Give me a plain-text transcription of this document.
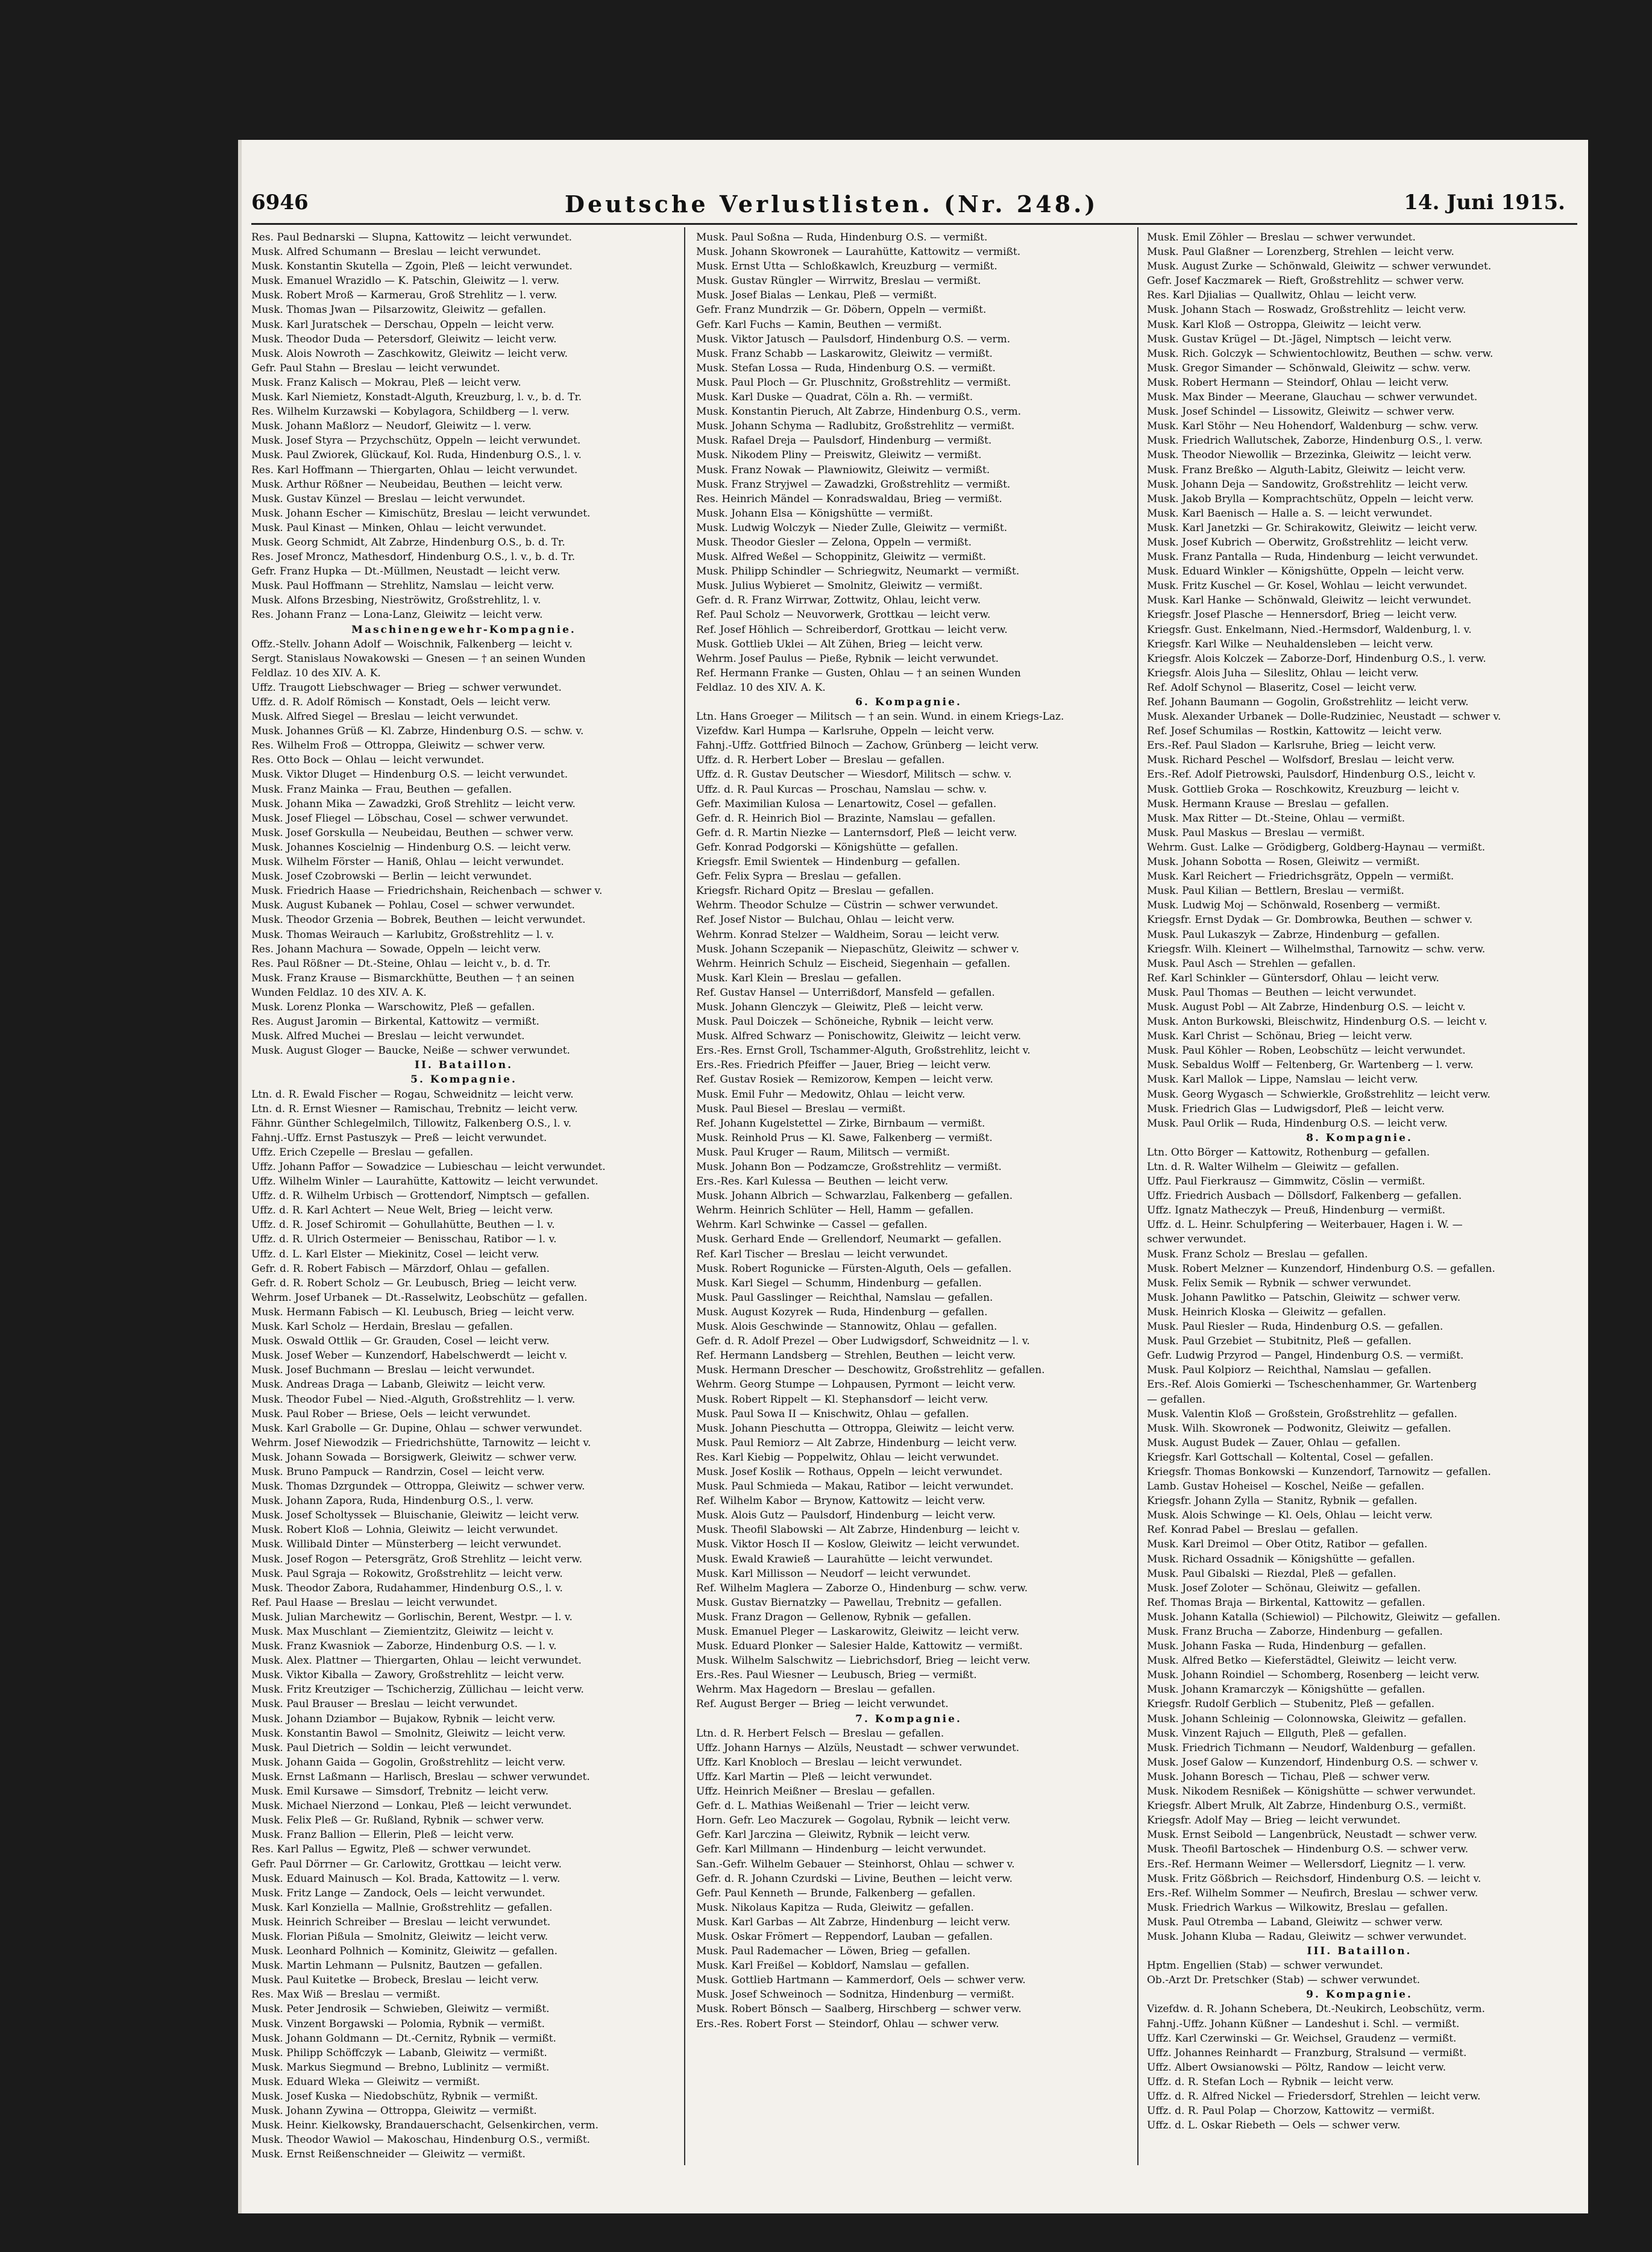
6946	Deutsche Verlustlisten. (Nr. 248.)	14. Juni 1915.
Res. Paul Bednarski — Slupna, Kattowitz — leicht verwundet.
Musk. Alfred Schumann — Breslau — leicht verwundet.
Musk. Konstantin Skutella — Zgoin, Pleß — leicht verwundet.
Musk. Emanuel Wrazidlo — K. Patschin, Gleiwitz — l. verw.
Musk. Robert Mroß — Karmerau, Groß Strehlitz — l. verw.
Musk. Thomas Jwan — Pilsarzowitz, Gleiwitz — gefallen.
Musk. Karl Juratschek — Derschau, Oppeln — leicht verw.
Musk. Theodor Duda — Petersdorf, Gleiwitz — leicht verw.
Musk. Alois Nowroth — Zaschkowitz, Gleiwitz — leicht verw.
Gefr. Paul Stahn — Breslau — leicht verwundet.
Musk. Franz Kalisch — Mokrau, Pleß — leicht verw.
Musk. Karl Niemietz, Konstadt-Alguth, Kreuzburg, l. v., b. d. Tr.
Res. Wilhelm Kurzawski — Kobylagora, Schildberg — l. verw.
Musk. Johann Maßlorz — Neudorf, Gleiwitz — l. verw.
Musk. Josef Styra — Przychschütz, Oppeln — leicht verwundet.
Musk. Paul Zwiorek, Glückauf, Kol. Ruda, Hindenburg O.S., l. v.
Res. Karl Hoffmann — Thiergarten, Ohlau — leicht verwundet.
Musk. Arthur Rößner — Neubeidau, Beuthen — leicht verw.
Musk. Gustav Künzel — Breslau — leicht verwundet.
Musk. Johann Escher — Kimischütz, Breslau — leicht verwundet.
Musk. Paul Kinast — Minken, Ohlau — leicht verwundet.
Musk. Georg Schmidt, Alt Zabrze, Hindenburg O.S., b. d. Tr.
Res. Josef Mroncz, Mathesdorf, Hindenburg O.S., l. v., b. d. Tr.
Gefr. Franz Hupka — Dt.-Müllmen, Neustadt — leicht verw.
Musk. Paul Hoffmann — Strehlitz, Namslau — leicht verw.
Musk. Alfons Brzesbing, Nieströwitz, Großstrehlitz, l. v.
Res. Johann Franz — Lona-Lanz, Gleiwitz — leicht verw.
Maschinengewehr-Kompagnie.
Offz.-Stellv. Johann Adolf — Woischnik, Falkenberg — leicht v.
Sergt. Stanislaus Nowakowski — Gnesen — † an seinen Wunden
Feldlaz. 10 des XIV. A. K.
Uffz. Traugott Liebschwager — Brieg — schwer verwundet.
Uffz. d. R. Adolf Römisch — Konstadt, Oels — leicht verw.
Musk. Alfred Siegel — Breslau — leicht verwundet.
Musk. Johannes Grüß — Kl. Zabrze, Hindenburg O.S. — schw. v.
Res. Wilhelm Froß — Ottroppa, Gleiwitz — schwer verw.
Res. Otto Bock — Ohlau — leicht verwundet.
Musk. Viktor Dluget — Hindenburg O.S. — leicht verwundet.
Musk. Franz Mainka — Frau, Beuthen — gefallen.
Musk. Johann Mika — Zawadzki, Groß Strehlitz — leicht verw.
Musk. Josef Fliegel — Löbschau, Cosel — schwer verwundet.
Musk. Josef Gorskulla — Neubeidau, Beuthen — schwer verw.
Musk. Johannes Koscielnig — Hindenburg O.S. — leicht verw.
Musk. Wilhelm Förster — Haniß, Ohlau — leicht verwundet.
Musk. Josef Czobrowski — Berlin — leicht verwundet.
Musk. Friedrich Haase — Friedrichshain, Reichenbach — schwer v.
Musk. August Kubanek — Pohlau, Cosel — schwer verwundet.
Musk. Theodor Grzenia — Bobrek, Beuthen — leicht verwundet.
Musk. Thomas Weirauch — Karlubitz, Großstrehlitz — l. v.
Res. Johann Machura — Sowade, Oppeln — leicht verw.
Res. Paul Rößner — Dt.-Steine, Ohlau — leicht v., b. d. Tr.
Musk. Franz Krause — Bismarckhütte, Beuthen — † an seinen
Wunden Feldlaz. 10 des XIV. A. K.
Musk. Lorenz Plonka — Warschowitz, Pleß — gefallen.
Res. August Jaromin — Birkental, Kattowitz — vermißt.
Musk. Alfred Muchei — Breslau — leicht verwundet.
Musk. August Gloger — Baucke, Neiße — schwer verwundet.
II. Bataillon.
5. Kompagnie.
Ltn. d. R. Ewald Fischer — Rogau, Schweidnitz — leicht verw.
Ltn. d. R. Ernst Wiesner — Ramischau, Trebnitz — leicht verw.
Fähnr. Günther Schlegelmilch, Tillowitz, Falkenberg O.S., l. v.
Fahnj.-Uffz. Ernst Pastuszyk — Preß — leicht verwundet.
Uffz. Erich Czepelle — Breslau — gefallen.
Uffz. Johann Paffor — Sowadzice — Lubieschau — leicht verwundet.
Uffz. Wilhelm Winler — Laurahütte, Kattowitz — leicht verwundet.
Uffz. d. R. Wilhelm Urbisch — Grottendorf, Nimptsch — gefallen.
Uffz. d. R. Karl Achtert — Neue Welt, Brieg — leicht verw.
Uffz. d. R. Josef Schiromit — Gohullahütte, Beuthen — l. v.
Uffz. d. R. Ulrich Ostermeier — Benisschau, Ratibor — l. v.
Uffz. d. L. Karl Elster — Miekinitz, Cosel — leicht verw.
Gefr. d. R. Robert Fabisch — Märzdorf, Ohlau — gefallen.
Gefr. d. R. Robert Scholz — Gr. Leubusch, Brieg — leicht verw.
Wehrm. Josef Urbanek — Dt.-Rasselwitz, Leobschütz — gefallen.
Musk. Hermann Fabisch — Kl. Leubusch, Brieg — leicht verw.
Musk. Karl Scholz — Herdain, Breslau — gefallen.
Musk. Oswald Ottlik — Gr. Grauden, Cosel — leicht verw.
Musk. Josef Weber — Kunzendorf, Habelschwerdt — leicht v.
Musk. Josef Buchmann — Breslau — leicht verwundet.
Musk. Andreas Draga — Labanb, Gleiwitz — leicht verw.
Musk. Theodor Fubel — Nied.-Alguth, Großstrehlitz — l. verw.
Musk. Paul Rober — Briese, Oels — leicht verwundet.
Musk. Karl Grabolle — Gr. Dupine, Ohlau — schwer verwundet.
Wehrm. Josef Niewodzik — Friedrichshütte, Tarnowitz — leicht v.
Musk. Johann Sowada — Borsigwerk, Gleiwitz — schwer verw.
Musk. Bruno Pampuck — Randrzin, Cosel — leicht verw.
Musk. Thomas Dzrgundek — Ottroppa, Gleiwitz — schwer verw.
Musk. Johann Zapora, Ruda, Hindenburg O.S., l. verw.
Musk. Josef Scholtyssek — Bluischanie, Gleiwitz — leicht verw.
Musk. Robert Kloß — Lohnia, Gleiwitz — leicht verwundet.
Musk. Willibald Dinter — Münsterberg — leicht verwundet.
Musk. Josef Rogon — Petersgrätz, Groß Strehlitz — leicht verw.
Musk. Paul Sgraja — Rokowitz, Großstrehlitz — leicht verw.
Musk. Theodor Zabora, Rudahammer, Hindenburg O.S., l. v.
Ref. Paul Haase — Breslau — leicht verwundet.
Musk. Julian Marchewitz — Gorlischin, Berent, Westpr. — l. v.
Musk. Max Muschlant — Ziemientzitz, Gleiwitz — leicht v.
Musk. Franz Kwasniok — Zaborze, Hindenburg O.S. — l. v.
Musk. Alex. Plattner — Thiergarten, Ohlau — leicht verwundet.
Musk. Viktor Kiballa — Zawory, Großstrehlitz — leicht verw.
Musk. Fritz Kreutziger — Tschicherzig, Züllichau — leicht verw.
Musk. Paul Brauser — Breslau — leicht verwundet.
Musk. Johann Dziambor — Bujakow, Rybnik — leicht verw.
Musk. Konstantin Bawol — Smolnitz, Gleiwitz — leicht verw.
Musk. Paul Dietrich — Soldin — leicht verwundet.
Musk. Johann Gaida — Gogolin, Großstrehlitz — leicht verw.
Musk. Ernst Laßmann — Harlisch, Breslau — schwer verwundet.
Musk. Emil Kursawe — Simsdorf, Trebnitz — leicht verw.
Musk. Michael Nierzond — Lonkau, Pleß — leicht verwundet.
Musk. Felix Pleß — Gr. Rußland, Rybnik — schwer verw.
Musk. Franz Ballion — Ellerin, Pleß — leicht verw.
Res. Karl Pallus — Egwitz, Pleß — schwer verwundet.
Gefr. Paul Dörrner — Gr. Carlowitz, Grottkau — leicht verw.
Musk. Eduard Mainusch — Kol. Brada, Kattowitz — l. verw.
Musk. Fritz Lange — Zandock, Oels — leicht verwundet.
Musk. Karl Konziella — Mallnie, Großstrehlitz — gefallen.
Musk. Heinrich Schreiber — Breslau — leicht verwundet.
Musk. Florian Pißula — Smolnitz, Gleiwitz — leicht verw.
Musk. Leonhard Polhnich — Kominitz, Gleiwitz — gefallen.
Musk. Martin Lehmann — Pulsnitz, Bautzen — gefallen.
Musk. Paul Kuitetke — Brobeck, Breslau — leicht verw.
Res. Max Wiß — Breslau — vermißt.
Musk. Peter Jendrosik — Schwieben, Gleiwitz — vermißt.
Musk. Vinzent Borgawski — Polomia, Rybnik — vermißt.
Musk. Johann Goldmann — Dt.-Cernitz, Rybnik — vermißt.
Musk. Philipp Schöffczyk — Labanb, Gleiwitz — vermißt.
Musk. Markus Siegmund — Brebno, Lublinitz — vermißt.
Musk. Eduard Wleka — Gleiwitz — vermißt.
Musk. Josef Kuska — Niedobschütz, Rybnik — vermißt.
Musk. Johann Zywina — Ottroppa, Gleiwitz — vermißt.
Musk. Heinr. Kielkowsky, Brandauerschacht, Gelsenkirchen, verm.
Musk. Theodor Wawiol — Makoschau, Hindenburg O.S., vermißt.
Musk. Ernst Reißenschneider — Gleiwitz — vermißt.
Musk. Paul Soßna — Ruda, Hindenburg O.S. — vermißt.
Musk. Johann Skowronek — Laurahütte, Kattowitz — vermißt.
Musk. Ernst Utta — Schloßkawlch, Kreuzburg — vermißt.
Musk. Gustav Rüngler — Wirrwitz, Breslau — vermißt.
Musk. Josef Bialas — Lenkau, Pleß — vermißt.
Gefr. Franz Mundrzik — Gr. Döbern, Oppeln — vermißt.
Gefr. Karl Fuchs — Kamin, Beuthen — vermißt.
Musk. Viktor Jatusch — Paulsdorf, Hindenburg O.S. — verm.
Musk. Franz Schabb — Laskarowitz, Gleiwitz — vermißt.
Musk. Stefan Lossa — Ruda, Hindenburg O.S. — vermißt.
Musk. Paul Ploch — Gr. Pluschnitz, Großstrehlitz — vermißt.
Musk. Karl Duske — Quadrat, Cöln a. Rh. — vermißt.
Musk. Konstantin Pieruch, Alt Zabrze, Hindenburg O.S., verm.
Musk. Johann Schyma — Radlubitz, Großstrehlitz — vermißt.
Musk. Rafael Dreja — Paulsdorf, Hindenburg — vermißt.
Musk. Nikodem Pliny — Preiswitz, Gleiwitz — vermißt.
Musk. Franz Nowak — Plawniowitz, Gleiwitz — vermißt.
Musk. Franz Stryjwel — Zawadzki, Großstrehlitz — vermißt.
Res. Heinrich Mändel — Konradswaldau, Brieg — vermißt.
Musk. Johann Elsa — Königshütte — vermißt.
Musk. Ludwig Wolczyk — Nieder Zulle, Gleiwitz — vermißt.
Musk. Theodor Giesler — Zelona, Oppeln — vermißt.
Musk. Alfred Weßel — Schoppinitz, Gleiwitz — vermißt.
Musk. Philipp Schindler — Schriegwitz, Neumarkt — vermißt.
Musk. Julius Wybieret — Smolnitz, Gleiwitz — vermißt.
Gefr. d. R. Franz Wirrwar, Zottwitz, Ohlau, leicht verw.
Ref. Paul Scholz — Neuvorwerk, Grottkau — leicht verw.
Ref. Josef Höhlich — Schreiberdorf, Grottkau — leicht verw.
Musk. Gottlieb Uklei — Alt Zühen, Brieg — leicht verw.
Wehrm. Josef Paulus — Pieße, Rybnik — leicht verwundet.
Ref. Hermann Franke — Gusten, Ohlau — † an seinen Wunden
Feldlaz. 10 des XIV. A. K.
6. Kompagnie.
Ltn. Hans Groeger — Militsch — † an sein. Wund. in einem Kriegs-Laz.
Vizefdw. Karl Humpa — Karlsruhe, Oppeln — leicht verw.
Fahnj.-Uffz. Gottfried Bilnoch — Zachow, Grünberg — leicht verw.
Uffz. d. R. Herbert Lober — Breslau — gefallen.
Uffz. d. R. Gustav Deutscher — Wiesdorf, Militsch — schw. v.
Uffz. d. R. Paul Kurcas — Proschau, Namslau — schw. v.
Gefr. Maximilian Kulosa — Lenartowitz, Cosel — gefallen.
Gefr. d. R. Heinrich Biol — Brazinte, Namslau — gefallen.
Gefr. d. R. Martin Niezke — Lanternsdorf, Pleß — leicht verw.
Gefr. Konrad Podgorski — Königshütte — gefallen.
Kriegsfr. Emil Swientek — Hindenburg — gefallen.
Gefr. Felix Sypra — Breslau — gefallen.
Kriegsfr. Richard Opitz — Breslau — gefallen.
Wehrm. Theodor Schulze — Cüstrin — schwer verwundet.
Ref. Josef Nistor — Bulchau, Ohlau — leicht verw.
Wehrm. Konrad Stelzer — Waldheim, Sorau — leicht verw.
Musk. Johann Sczepanik — Niepaschütz, Gleiwitz — schwer v.
Wehrm. Heinrich Schulz — Eischeid, Siegenhain — gefallen.
Musk. Karl Klein — Breslau — gefallen.
Ref. Gustav Hansel — Unterrißdorf, Mansfeld — gefallen.
Musk. Johann Glenczyk — Gleiwitz, Pleß — leicht verw.
Musk. Paul Doiczek — Schöneiche, Rybnik — leicht verw.
Musk. Alfred Schwarz — Ponischowitz, Gleiwitz — leicht verw.
Ers.-Res. Ernst Groll, Tschammer-Alguth, Großstrehlitz, leicht v.
Ers.-Res. Friedrich Pfeiffer — Jauer, Brieg — leicht verw.
Ref. Gustav Rosiek — Remizorow, Kempen — leicht verw.
Musk. Emil Fuhr — Medowitz, Ohlau — leicht verw.
Musk. Paul Biesel — Breslau — vermißt.
Ref. Johann Kugelstettel — Zirke, Birnbaum — vermißt.
Musk. Reinhold Prus — Kl. Sawe, Falkenberg — vermißt.
Musk. Paul Kruger — Raum, Militsch — vermißt.
Musk. Johann Bon — Podzamcze, Großstrehlitz — vermißt.
Ers.-Res. Karl Kulessa — Beuthen — leicht verw.
Musk. Johann Albrich — Schwarzlau, Falkenberg — gefallen.
Wehrm. Heinrich Schlüter — Hell, Hamm — gefallen.
Wehrm. Karl Schwinke — Cassel — gefallen.
Musk. Gerhard Ende — Grellendorf, Neumarkt — gefallen.
Ref. Karl Tischer — Breslau — leicht verwundet.
Musk. Robert Rogunicke — Fürsten-Alguth, Oels — gefallen.
Musk. Karl Siegel — Schumm, Hindenburg — gefallen.
Musk. Paul Gasslinger — Reichthal, Namslau — gefallen.
Musk. August Kozyrek — Ruda, Hindenburg — gefallen.
Musk. Alois Geschwinde — Stannowitz, Ohlau — gefallen.
Gefr. d. R. Adolf Prezel — Ober Ludwigsdorf, Schweidnitz — l. v.
Ref. Hermann Landsberg — Strehlen, Beuthen — leicht verw.
Musk. Hermann Drescher — Deschowitz, Großstrehlitz — gefallen.
Wehrm. Georg Stumpe — Lohpausen, Pyrmont — leicht verw.
Musk. Robert Rippelt — Kl. Stephansdorf — leicht verw.
Musk. Paul Sowa II — Knischwitz, Ohlau — gefallen.
Musk. Johann Pieschutta — Ottroppa, Gleiwitz — leicht verw.
Musk. Paul Remiorz — Alt Zabrze, Hindenburg — leicht verw.
Res. Karl Kiebig — Poppelwitz, Ohlau — leicht verwundet.
Musk. Josef Koslik — Rothaus, Oppeln — leicht verwundet.
Musk. Paul Schmieda — Makau, Ratibor — leicht verwundet.
Ref. Wilhelm Kabor — Brynow, Kattowitz — leicht verw.
Musk. Alois Gutz — Paulsdorf, Hindenburg — leicht verw.
Musk. Theofil Slabowski — Alt Zabrze, Hindenburg — leicht v.
Musk. Viktor Hosch II — Koslow, Gleiwitz — leicht verwundet.
Musk. Ewald Krawieß — Laurahütte — leicht verwundet.
Musk. Karl Millisson — Neudorf — leicht verwundet.
Ref. Wilhelm Maglera — Zaborze O., Hindenburg — schw. verw.
Musk. Gustav Biernatzky — Pawellau, Trebnitz — gefallen.
Musk. Franz Dragon — Gellenow, Rybnik — gefallen.
Musk. Emanuel Pleger — Laskarowitz, Gleiwitz — leicht verw.
Musk. Eduard Plonker — Salesier Halde, Kattowitz — vermißt.
Musk. Wilhelm Salschwitz — Liebrichsdorf, Brieg — leicht verw.
Ers.-Res. Paul Wiesner — Leubusch, Brieg — vermißt.
Wehrm. Max Hagedorn — Breslau — gefallen.
Ref. August Berger — Brieg — leicht verwundet.
7. Kompagnie.
Ltn. d. R. Herbert Felsch — Breslau — gefallen.
Uffz. Johann Harnys — Alzüls, Neustadt — schwer verwundet.
Uffz. Karl Knobloch — Breslau — leicht verwundet.
Uffz. Karl Martin — Pleß — leicht verwundet.
Uffz. Heinrich Meißner — Breslau — gefallen.
Gefr. d. L. Mathias Weißenahl — Trier — leicht verw.
Horn. Gefr. Leo Maczurek — Gogolau, Rybnik — leicht verw.
Gefr. Karl Jarczina — Gleiwitz, Rybnik — leicht verw.
Gefr. Karl Millmann — Hindenburg — leicht verwundet.
San.-Gefr. Wilhelm Gebauer — Steinhorst, Ohlau — schwer v.
Gefr. d. R. Johann Czurdski — Livine, Beuthen — leicht verw.
Gefr. Paul Kenneth — Brunde, Falkenberg — gefallen.
Musk. Nikolaus Kapitza — Ruda, Gleiwitz — gefallen.
Musk. Karl Garbas — Alt Zabrze, Hindenburg — leicht verw.
Musk. Oskar Frömert — Reppendorf, Lauban — gefallen.
Musk. Paul Rademacher — Löwen, Brieg — gefallen.
Musk. Karl Freißel — Kobldorf, Namslau — gefallen.
Musk. Gottlieb Hartmann — Kammerdorf, Oels — schwer verw.
Musk. Josef Schweinoch — Sodnitza, Hindenburg — vermißt.
Musk. Robert Bönsch — Saalberg, Hirschberg — schwer verw.
Ers.-Res. Robert Forst — Steindorf, Ohlau — schwer verw.
Musk. Emil Zöhler — Breslau — schwer verwundet.
Musk. Paul Glaßner — Lorenzberg, Strehlen — leicht verw.
Musk. August Zurke — Schönwald, Gleiwitz — schwer verwundet.
Gefr. Josef Kaczmarek — Rieft, Großstrehlitz — schwer verw.
Res. Karl Djialias — Quallwitz, Ohlau — leicht verw.
Musk. Johann Stach — Roswadz, Großstrehlitz — leicht verw.
Musk. Karl Kloß — Ostroppa, Gleiwitz — leicht verw.
Musk. Gustav Krügel — Dt.-Jägel, Nimptsch — leicht verw.
Musk. Rich. Golczyk — Schwientochlowitz, Beuthen — schw. verw.
Musk. Gregor Simander — Schönwald, Gleiwitz — schw. verw.
Musk. Robert Hermann — Steindorf, Ohlau — leicht verw.
Musk. Max Binder — Meerane, Glauchau — schwer verwundet.
Musk. Josef Schindel — Lissowitz, Gleiwitz — schwer verw.
Musk. Karl Stöhr — Neu Hohendorf, Waldenburg — schw. verw.
Musk. Friedrich Wallutschek, Zaborze, Hindenburg O.S., l. verw.
Musk. Theodor Niewollik — Brzezinka, Gleiwitz — leicht verw.
Musk. Franz Breßko — Alguth-Labitz, Gleiwitz — leicht verw.
Musk. Johann Deja — Sandowitz, Großstrehlitz — leicht verw.
Musk. Jakob Brylla — Komprachtschütz, Oppeln — leicht verw.
Musk. Karl Baenisch — Halle a. S. — leicht verwundet.
Musk. Karl Janetzki — Gr. Schirakowitz, Gleiwitz — leicht verw.
Musk. Josef Kubrich — Oberwitz, Großstrehlitz — leicht verw.
Musk. Franz Pantalla — Ruda, Hindenburg — leicht verwundet.
Musk. Eduard Winkler — Königshütte, Oppeln — leicht verw.
Musk. Fritz Kuschel — Gr. Kosel, Wohlau — leicht verwundet.
Musk. Karl Hanke — Schönwald, Gleiwitz — leicht verwundet.
Kriegsfr. Josef Plasche — Hennersdorf, Brieg — leicht verw.
Kriegsfr. Gust. Enkelmann, Nied.-Hermsdorf, Waldenburg, l. v.
Kriegsfr. Karl Wilke — Neuhaldensleben — leicht verw.
Kriegsfr. Alois Kolczek — Zaborze-Dorf, Hindenburg O.S., l. verw.
Kriegsfr. Alois Juha — Sileslitz, Ohlau — leicht verw.
Ref. Adolf Schynol — Blaseritz, Cosel — leicht verw.
Ref. Johann Baumann — Gogolin, Großstrehlitz — leicht verw.
Musk. Alexander Urbanek — Dolle-Rudziniec, Neustadt — schwer v.
Ref. Josef Schumilas — Rostkin, Kattowitz — leicht verw.
Ers.-Ref. Paul Sladon — Karlsruhe, Brieg — leicht verw.
Musk. Richard Peschel — Wolfsdorf, Breslau — leicht verw.
Ers.-Ref. Adolf Pietrowski, Paulsdorf, Hindenburg O.S., leicht v.
Musk. Gottlieb Groka — Roschkowitz, Kreuzburg — leicht v.
Musk. Hermann Krause — Breslau — gefallen.
Musk. Max Ritter — Dt.-Steine, Ohlau — vermißt.
Musk. Paul Maskus — Breslau — vermißt.
Wehrm. Gust. Lalke — Grödigberg, Goldberg-Haynau — vermißt.
Musk. Johann Sobotta — Rosen, Gleiwitz — vermißt.
Musk. Karl Reichert — Friedrichsgrätz, Oppeln — vermißt.
Musk. Paul Kilian — Bettlern, Breslau — vermißt.
Musk. Ludwig Moj — Schönwald, Rosenberg — vermißt.
Kriegsfr. Ernst Dydak — Gr. Dombrowka, Beuthen — schwer v.
Musk. Paul Lukaszyk — Zabrze, Hindenburg — gefallen.
Kriegsfr. Wilh. Kleinert — Wilhelmsthal, Tarnowitz — schw. verw.
Musk. Paul Asch — Strehlen — gefallen.
Ref. Karl Schinkler — Güntersdorf, Ohlau — leicht verw.
Musk. Paul Thomas — Beuthen — leicht verwundet.
Musk. August Pobl — Alt Zabrze, Hindenburg O.S. — leicht v.
Musk. Anton Burkowski, Bleischwitz, Hindenburg O.S. — leicht v.
Musk. Karl Christ — Schönau, Brieg — leicht verw.
Musk. Paul Köhler — Roben, Leobschütz — leicht verwundet.
Musk. Sebaldus Wolff — Feltenberg, Gr. Wartenberg — l. verw.
Musk. Karl Mallok — Lippe, Namslau — leicht verw.
Musk. Georg Wygasch — Schwierkle, Großstrehlitz — leicht verw.
Musk. Friedrich Glas — Ludwigsdorf, Pleß — leicht verw.
Musk. Paul Orlik — Ruda, Hindenburg O.S. — leicht verw.
8. Kompagnie.
Ltn. Otto Börger — Kattowitz, Rothenburg — gefallen.
Ltn. d. R. Walter Wilhelm — Gleiwitz — gefallen.
Uffz. Paul Fierkrausz — Gimmwitz, Cöslin — vermißt.
Uffz. Friedrich Ausbach — Döllsdorf, Falkenberg — gefallen.
Uffz. Ignatz Matheczyk — Preuß, Hindenburg — vermißt.
Uffz. d. L. Heinr. Schulpfering — Weiterbauer, Hagen i. W. —
schwer verwundet.
Musk. Franz Scholz — Breslau — gefallen.
Musk. Robert Melzner — Kunzendorf, Hindenburg O.S. — gefallen.
Musk. Felix Semik — Rybnik — schwer verwundet.
Musk. Johann Pawlitko — Patschin, Gleiwitz — schwer verw.
Musk. Heinrich Kloska — Gleiwitz — gefallen.
Musk. Paul Riesler — Ruda, Hindenburg O.S. — gefallen.
Musk. Paul Grzebiet — Stubitnitz, Pleß — gefallen.
Gefr. Ludwig Przyrod — Pangel, Hindenburg O.S. — vermißt.
Musk. Paul Kolpiorz — Reichthal, Namslau — gefallen.
Ers.-Ref. Alois Gomierki — Tscheschenhammer, Gr. Wartenberg
— gefallen.
Musk. Valentin Kloß — Großstein, Großstrehlitz — gefallen.
Musk. Wilh. Skowronek — Podwonitz, Gleiwitz — gefallen.
Musk. August Budek — Zauer, Ohlau — gefallen.
Kriegsfr. Karl Gottschall — Koltental, Cosel — gefallen.
Kriegsfr. Thomas Bonkowski — Kunzendorf, Tarnowitz — gefallen.
Lamb. Gustav Hoheisel — Koschel, Neiße — gefallen.
Kriegsfr. Johann Zylla — Stanitz, Rybnik — gefallen.
Musk. Alois Schwinge — Kl. Oels, Ohlau — leicht verw.
Ref. Konrad Pabel — Breslau — gefallen.
Musk. Karl Dreimol — Ober Otitz, Ratibor — gefallen.
Musk. Richard Ossadnik — Königshütte — gefallen.
Musk. Paul Gibalski — Riezdal, Pleß — gefallen.
Musk. Josef Zoloter — Schönau, Gleiwitz — gefallen.
Ref. Thomas Braja — Birkental, Kattowitz — gefallen.
Musk. Johann Katalla (Schiewiol) — Pilchowitz, Gleiwitz — gefallen.
Musk. Franz Brucha — Zaborze, Hindenburg — gefallen.
Musk. Johann Faska — Ruda, Hindenburg — gefallen.
Musk. Alfred Betko — Kieferstädtel, Gleiwitz — leicht verw.
Musk. Johann Roindiel — Schomberg, Rosenberg — leicht verw.
Musk. Johann Kramarczyk — Königshütte — gefallen.
Kriegsfr. Rudolf Gerblich — Stubenitz, Pleß — gefallen.
Musk. Johann Schleinig — Colonnowska, Gleiwitz — gefallen.
Musk. Vinzent Rajuch — Ellguth, Pleß — gefallen.
Musk. Friedrich Tichmann — Neudorf, Waldenburg — gefallen.
Musk. Josef Galow — Kunzendorf, Hindenburg O.S. — schwer v.
Musk. Johann Boresch — Tichau, Pleß — schwer verw.
Musk. Nikodem Resnißek — Königshütte — schwer verwundet.
Kriegsfr. Albert Mrulk, Alt Zabrze, Hindenburg O.S., vermißt.
Kriegsfr. Adolf May — Brieg — leicht verwundet.
Musk. Ernst Seibold — Langenbrück, Neustadt — schwer verw.
Musk. Theofil Bartoschek — Hindenburg O.S. — schwer verw.
Ers.-Ref. Hermann Weimer — Wellersdorf, Liegnitz — l. verw.
Musk. Fritz Gößbrich — Reichsdorf, Hindenburg O.S. — leicht v.
Ers.-Ref. Wilhelm Sommer — Neufirch, Breslau — schwer verw.
Musk. Friedrich Warkus — Wilkowitz, Breslau — gefallen.
Musk. Paul Otremba — Laband, Gleiwitz — schwer verw.
Musk. Johann Kluba — Radau, Gleiwitz — schwer verwundet.
III. Bataillon.
Hptm. Engellien (Stab) — schwer verwundet.
Ob.-Arzt Dr. Pretschker (Stab) — schwer verwundet.
9. Kompagnie.
Vizefdw. d. R. Johann Schebera, Dt.-Neukirch, Leobschütz, verm.
Fahnj.-Uffz. Johann Küßner — Landeshut i. Schl. — vermißt.
Uffz. Karl Czerwinski — Gr. Weichsel, Graudenz — vermißt.
Uffz. Johannes Reinhardt — Franzburg, Stralsund — vermißt.
Uffz. Albert Owsianowski — Pöltz, Randow — leicht verw.
Uffz. d. R. Stefan Loch — Rybnik — leicht verw.
Uffz. d. R. Alfred Nickel — Friedersdorf, Strehlen — leicht verw.
Uffz. d. R. Paul Polap — Chorzow, Kattowitz — vermißt.
Uffz. d. L. Oskar Riebeth — Oels — schwer verw.
